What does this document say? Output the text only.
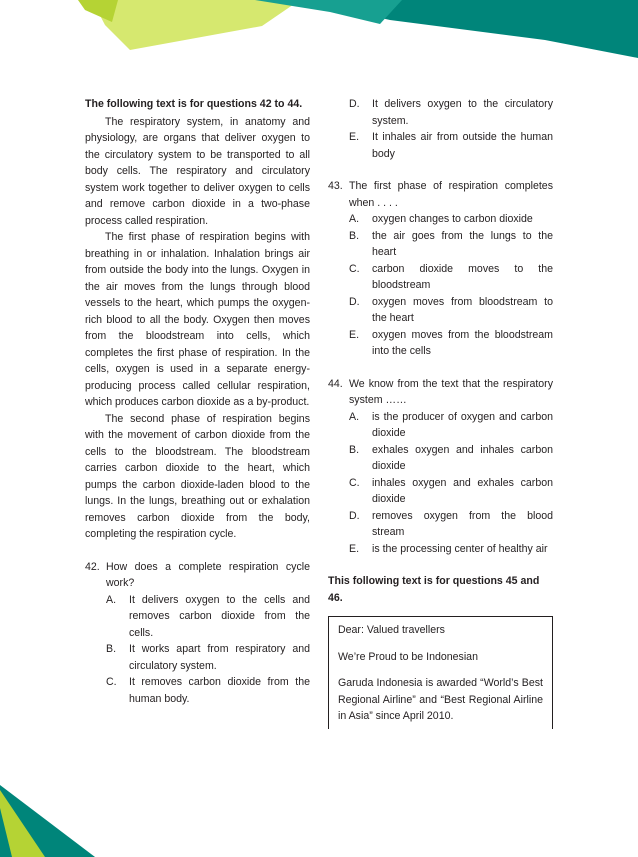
The following text is for questions 42 to 44.

The respiratory system, in anatomy and physiology, are organs that deliver oxygen to the circulatory system to be transported to all body cells. The respiratory and circulatory system work together to deliver oxygen to cells and remove carbon dioxide in a two-phase process called respiration.

The first phase of respiration begins with breathing in or inhalation. Inhalation brings air from outside the body into the lungs. Oxygen in the air moves from the lungs through blood vessels to the heart, which pumps the oxygen-rich blood to all the body. Oxygen then moves from the bloodstream into cells, which completes the first phase of respiration. In the cells, oxygen is used in a separate energy-producing process called cellular respiration, which produces carbon dioxide as a by-product.

The second phase of respiration begins with the movement of carbon dioxide from the cells to the bloodstream. The bloodstream carries carbon dioxide to the heart, which pumps the carbon dioxide-laden blood to the lungs. In the lungs, breathing out or exhalation removes carbon dioxide from the body, completing the respiration cycle.

42. How does a complete respiration cycle work?

A. It delivers oxygen to the cells and removes carbon dioxide from the cells.
B. It works apart from respiratory and circulatory system.
C. It removes carbon dioxide from the human body.
D. It delivers oxygen to the circulatory system.
E. It inhales air from outside the human body
43. The first phase of respiration completes when . . . .

A. oxygen changes to carbon dioxide
B. the air goes from the lungs to the heart
C. carbon dioxide moves to the bloodstream
D. oxygen moves from bloodstream to the heart
E. oxygen moves from the bloodstream into the cells
44. We know from the text that the respiratory system ……

A. is the producer of oxygen and carbon dioxide
B. exhales oxygen and inhales carbon dioxide
C. inhales oxygen and exhales carbon dioxide
D. removes oxygen from the blood stream
E. is the processing center of healthy air

This following text is for questions 45 and 46.

Dear: Valued travellers

We’re Proud to be Indonesian

Garuda Indonesia is awarded “World’s Best Regional Airline” and “Best Regional Airline in Asia” since April 2010.
